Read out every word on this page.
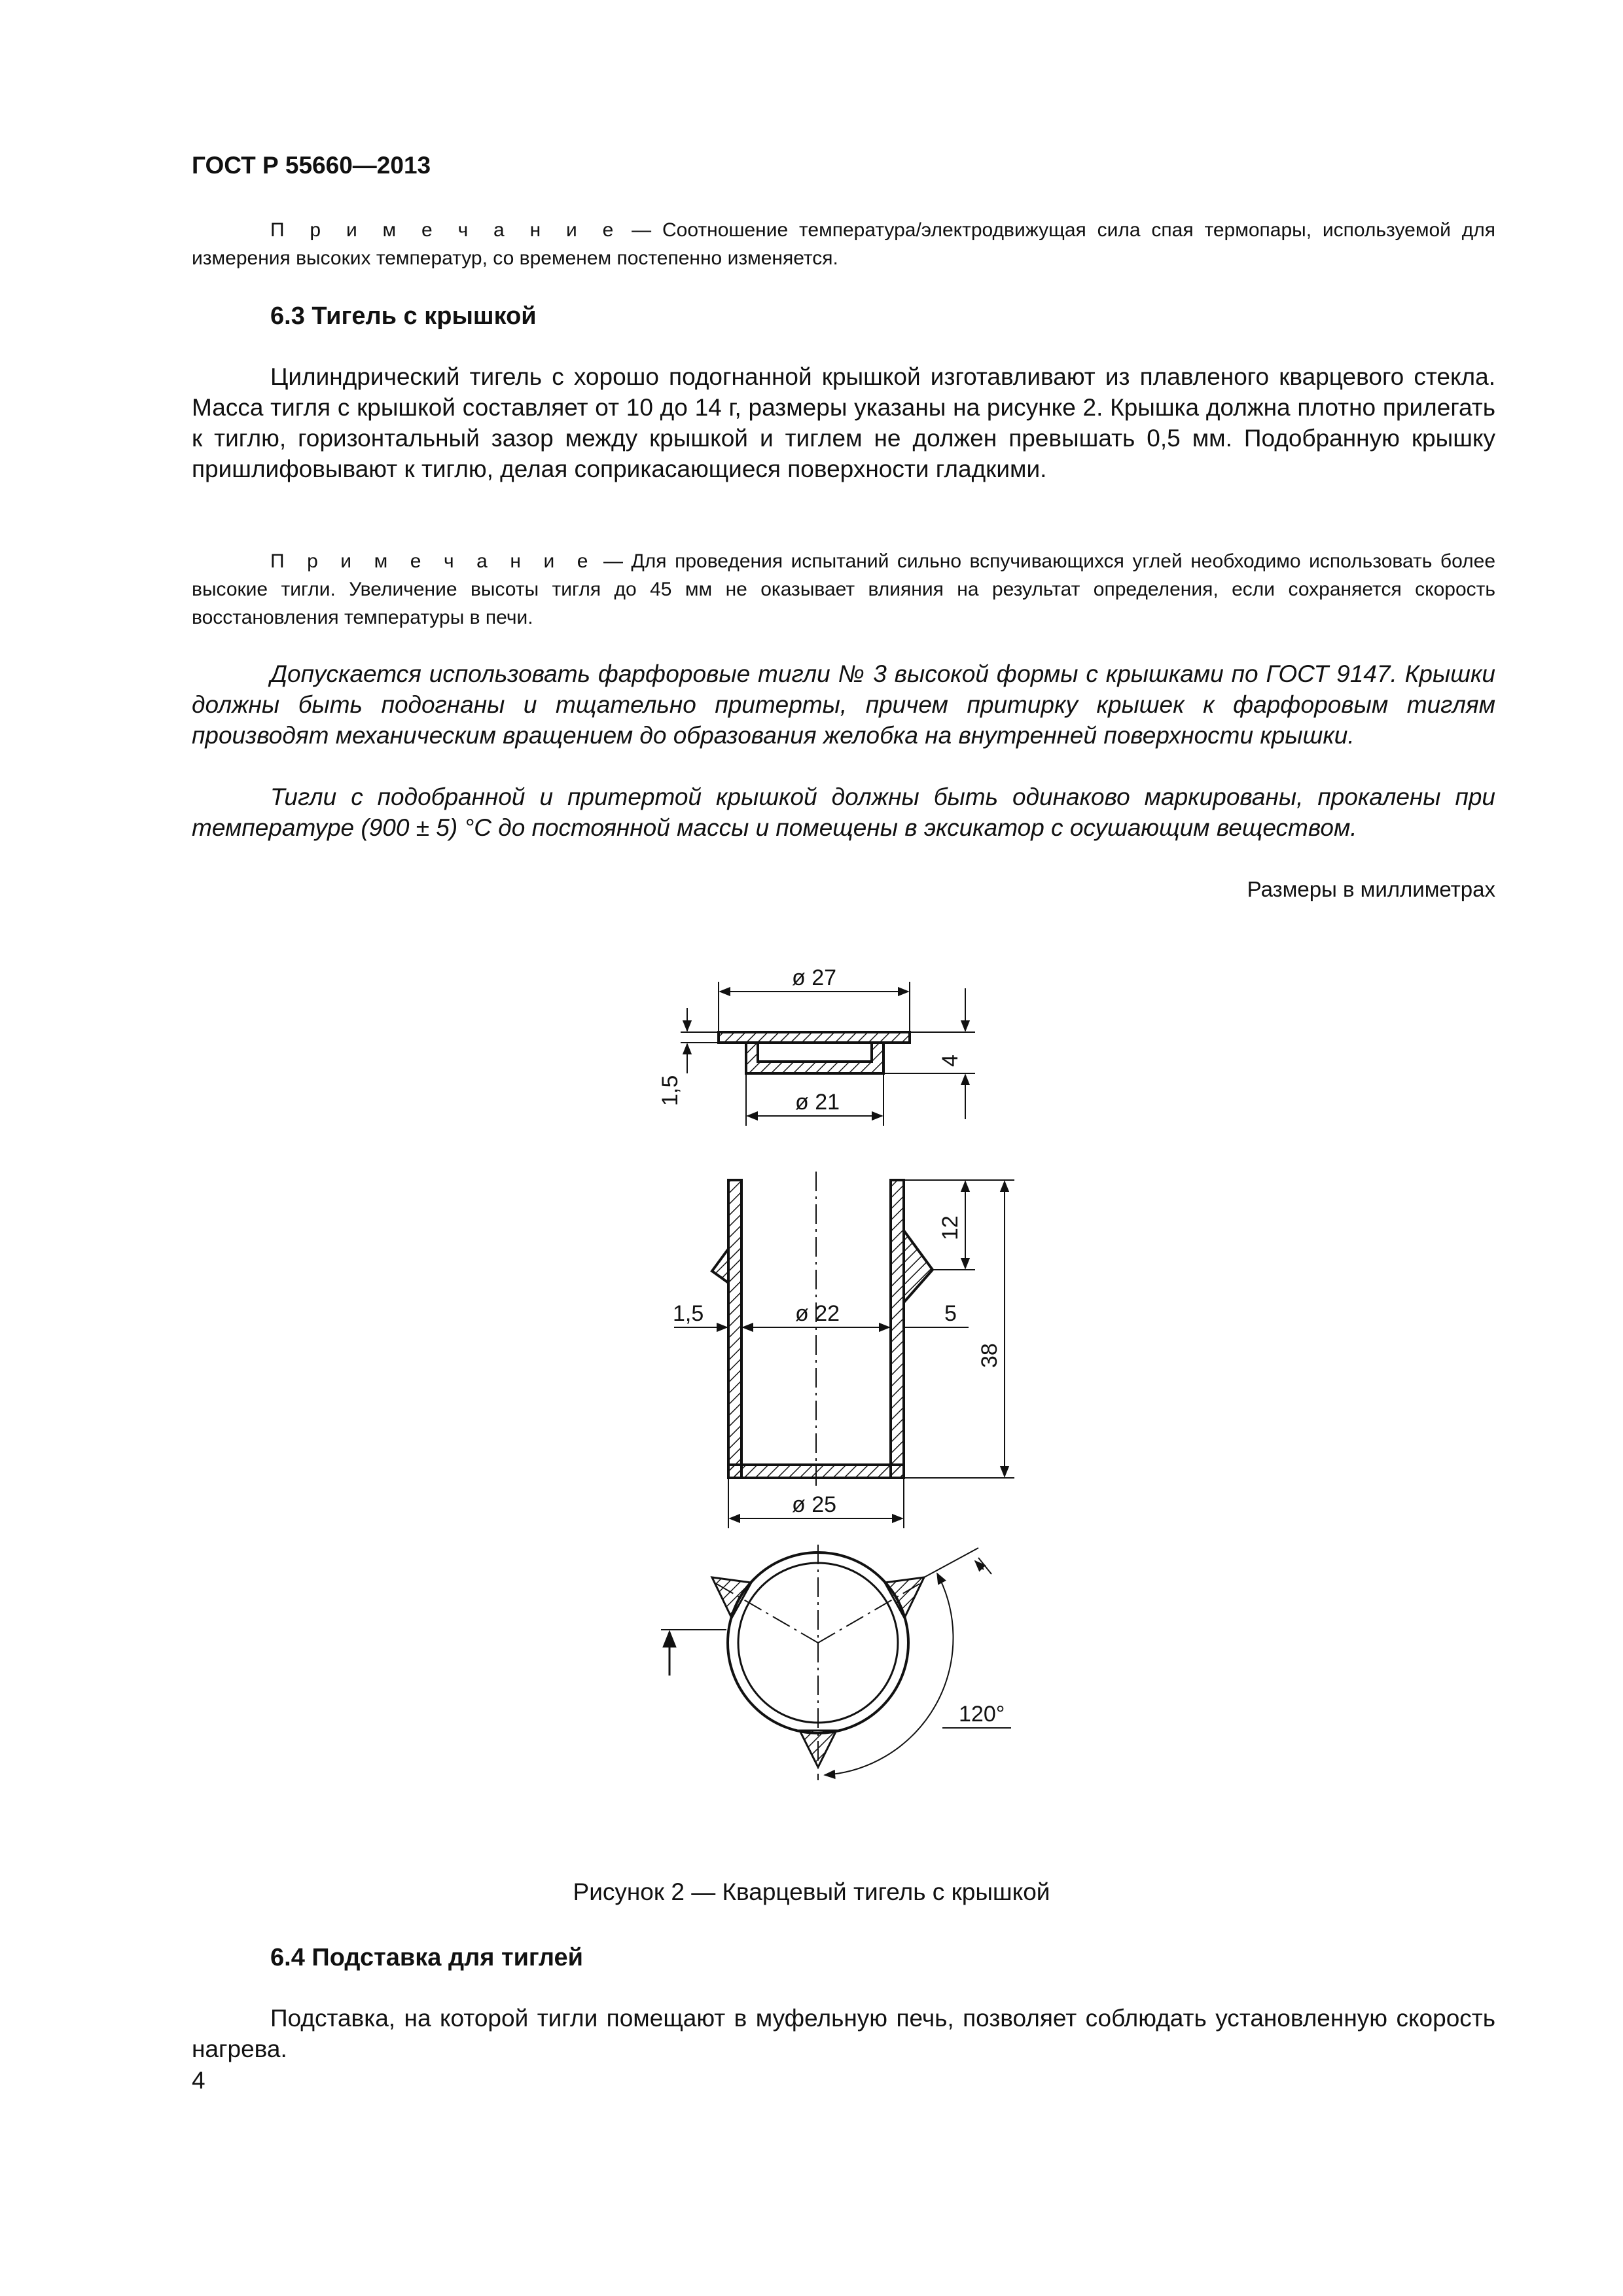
ГОСТ Р 55660—2013
П р и м е ч а н и е — Соотношение температура/электродвижущая сила спая термопары, используемой для измерения высоких температур, со временем постепенно изменяется.
6.3 Тигель с крышкой
Цилиндрический тигель с хорошо подогнанной крышкой изготавливают из плавленого кварцевого стекла. Масса тигля с крышкой составляет от 10 до 14 г, размеры указаны на рисунке 2. Крышка должна плотно прилегать к тиглю, горизонтальный зазор между крышкой и тиглем не должен превышать 0,5 мм. Подобранную крышку пришлифовывают к тиглю, делая соприкасающиеся поверхности гладкими.
П р и м е ч а н и е — Для проведения испытаний сильно вспучивающихся углей необходимо использовать более высокие тигли. Увеличение высоты тигля до 45 мм не оказывает влияния на результат определения, если сохраняется скорость восстановления температуры в печи.
Допускается использовать фарфоровые тигли № 3 высокой формы с крышками по ГОСТ 9147. Крышки должны быть подогнаны и тщательно притерты, причем притирку крышек к фарфоровым тиглям производят механическим вращением до образования желобка на внутренней поверхности крышки.
Тигли с подобранной и притертой крышкой должны быть одинаково маркированы, прокалены при температуре (900 ± 5) °С до постоянной массы и помещены в эксикатор с осушающим веществом.
Размеры в миллиметрах
ø 27
ø 21
1,5
4
ø 22
1,5	5
12
38
ø 25
120°
Рисунок 2 — Кварцевый тигель с крышкой
6.4 Подставка для тиглей
Подставка, на которой тигли помещают в муфельную печь, позволяет соблюдать установленную скорость нагрева.
4
